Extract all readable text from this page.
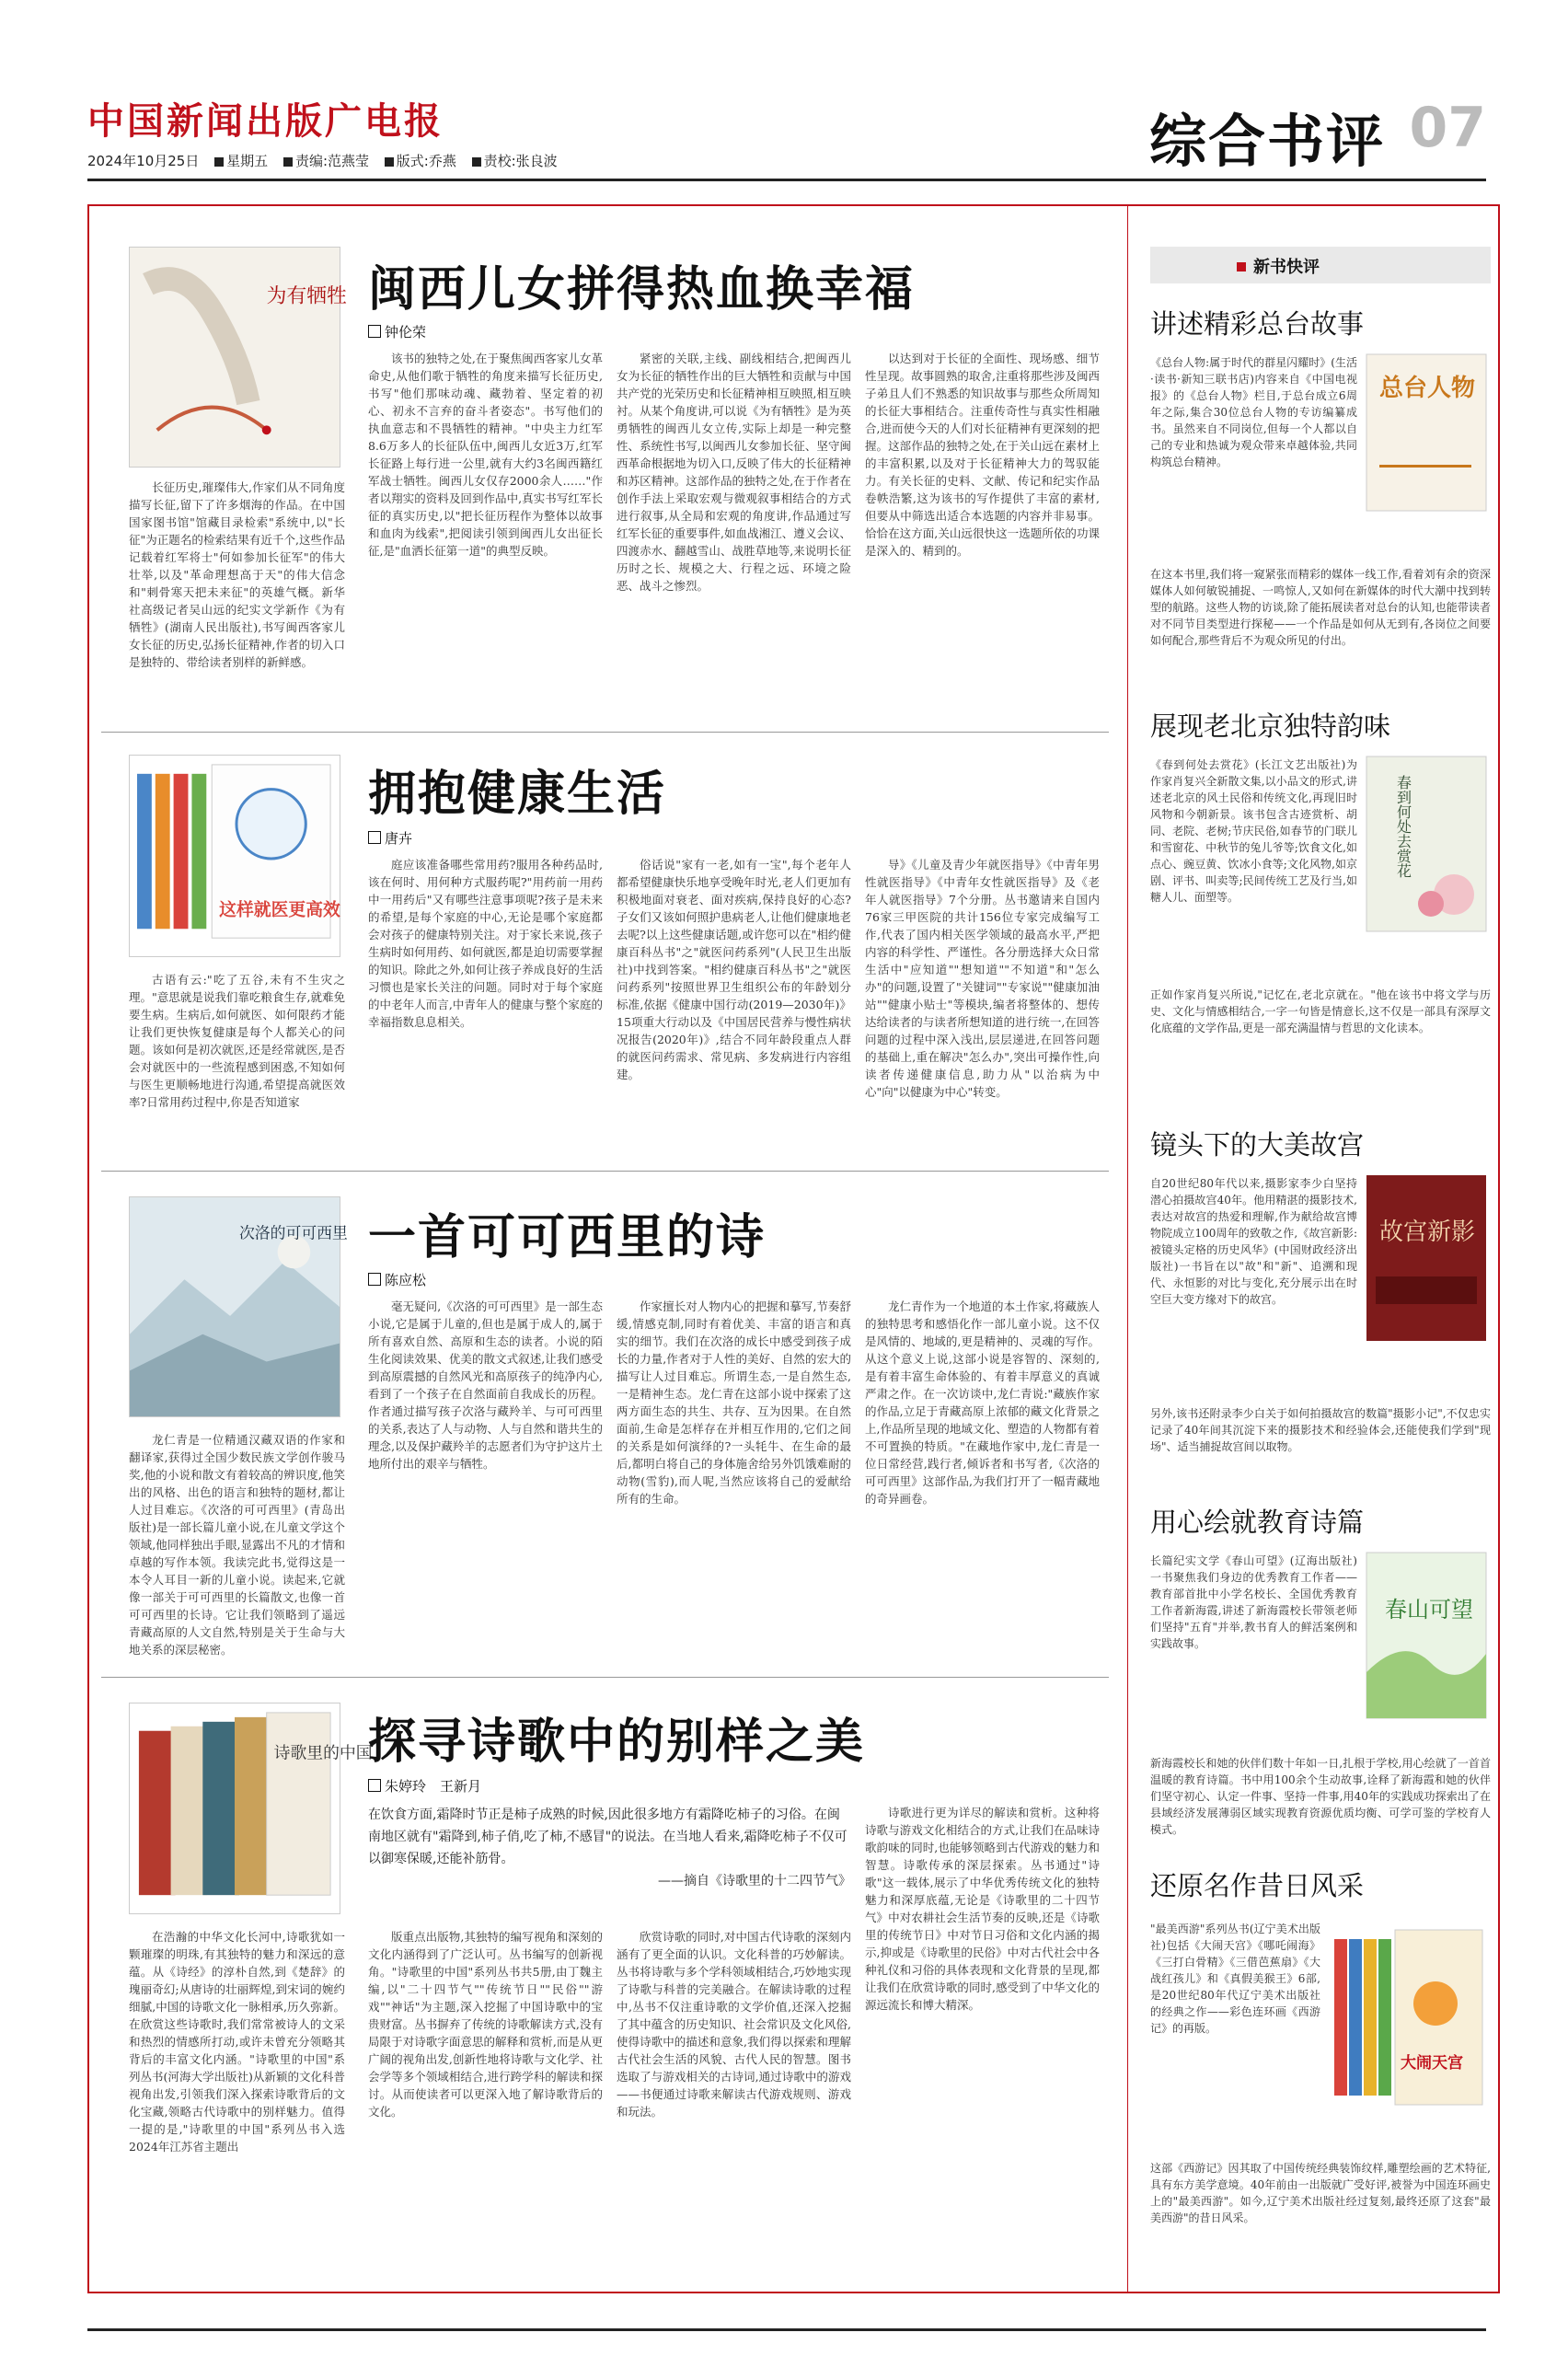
中国新闻出版广电报
2024年10月25日 星期五 责编:范燕莹 版式:乔燕 责校:张良波	综合书评 07
为有牺牲 闽西儿女拼得热血换幸福
钟伦荣

长征历史,璀璨伟大,作家们从不同角度描写长征,留下了许多烟海的作品。在中国国家图书馆"馆藏目录检索"系统中,以"长征"为正题名的检索结果有近千个,这些作品记载着红军将士"何如参加长征军"的伟大壮举,以及"革命理想高于天"的伟大信念和"刺骨寒天把未来征"的英雄气概。新华社高级记者吴山远的纪实文学新作《为有牺牲》(湖南人民出版社),书写闽西客家儿女长征的历史,弘扬长征精神,作者的切入口是独特的、带给读者别样的新鲜感。

该书的独特之处,在于聚焦闽西客家儿女革命史,从他们歌于牺牲的角度来描写长征历史,书写"他们那味动魂、藏勃着、坚定着的初心、初永不言弃的奋斗者姿态"。书写他们的执血意志和不畏牺牲的精神。"中央主力红军8.6万多人的长征队伍中,闽西儿女近3万,红军长征路上每行进一公里,就有大约3名闽西籍红军战士牺牲。闽西儿女仅存2000余人……"作者以翔实的资料及回到作品中,真实书写红军长征的真实历史,以"把长征历程作为整体以故事和血肉为线索",把阅读引领到闽西儿女出征长征,是"血洒长征第一道"的典型反映。

紧密的关联,主线、副线相结合,把闽西儿女为长征的牺牲作出的巨大牺牲和贡献与中国共产党的光荣历史和长征精神相互映照,相互映衬。从某个角度讲,可以说《为有牺牲》是为英勇牺牲的闽西儿女立传,实际上却是一种完整性、系统性书写,以闽西儿女参加长征、坚守闽西革命根据地为切入口,反映了伟大的长征精神和苏区精神。这部作品的独特之处,在于作者在创作手法上采取宏观与微观叙事相结合的方式进行叙事,从全局和宏观的角度讲,作品通过写红军长征的重要事件,如血战湘江、遵义会议、四渡赤水、翻越雪山、战胜草地等,来说明长征历时之长、规模之大、行程之远、环境之险恶、战斗之惨烈。

以达到对于长征的全面性、现场感、细节性呈现。故事圆熟的取舍,注重将那些涉及闽西子弟且人们不熟悉的知识故事与那些众所周知的长征大事相结合。注重传奇性与真实性相融合,进而使今天的人们对长征精神有更深刻的把握。这部作品的独特之处,在于关山远在素材上的丰富积累,以及对于长征精神大力的驾驭能力。有关长征的史料、文献、传记和纪实作品卷帙浩繁,这为该书的写作提供了丰富的素材,但要从中筛选出适合本选题的内容并非易事。恰恰在这方面,关山远很快这一选题所依的功课是深入的、精到的。

这样就医更高效
拥抱健康生活
唐卉

古语有云:"吃了五谷,未有不生灾之理。"意思就是说我们靠吃粮食生存,就难免要生病。生病后,如何就医、如何限药才能让我们更快恢复健康是每个人都关心的问题。该如何是初次就医,还是经常就医,是否会对就医中的一些流程感到困惑,不知如何与医生更顺畅地进行沟通,希望提高就医效率?日常用药过程中,你是否知道家

庭应该准备哪些常用药?服用各种药品时,该在何时、用何种方式服药呢?"用药前一用药中一用药后"又有哪些注意事项呢?孩子是未来的希望,是每个家庭的中心,无论是哪个家庭都会对孩子的健康特别关注。对于家长来说,孩子生病时如何用药、如何就医,都是迫切需要掌握的知识。除此之外,如何让孩子养成良好的生活习惯也是家长关注的问题。同时对于每个家庭的中老年人而言,中青年人的健康与整个家庭的幸福指数息息相关。

俗话说"家有一老,如有一宝",每个老年人都希望健康快乐地享受晚年时光,老人们更加有积极地面对衰老、面对疾病,保持良好的心态?子女们又该如何照护患病老人,让他们健康地老去呢?以上这些健康话题,或许您可以在"相约健康百科丛书"之"就医问药系列"(人民卫生出版社)中找到答案。"相约健康百科丛书"之"就医问药系列"按照世界卫生组织公布的年龄划分标准,依据《健康中国行动(2019—2030年)》15项重大行动以及《中国居民营养与慢性病状况报告(2020年)》,结合不同年龄段重点人群的就医问药需求、常见病、多发病进行内容组建。

导》《儿童及青少年就医指导》《中青年男性就医指导》《中青年女性就医指导》及《老年人就医指导》7个分册。丛书邀请来自国内76家三甲医院的共计156位专家完成编写工作,代表了国内相关医学领域的最高水平,严把内容的科学性、严谨性。各分册选择大众日常生活中"应知道""想知道""不知道"和"怎么办"的问题,设置了"关键词""专家说""健康加油站""健康小贴士"等模块,编者将整体的、想传达给读者的与读者所想知道的进行统一,在回答问题的过程中深入浅出,层层递进,在回答问题的基础上,重在解决"怎么办",突出可操作性,向读者传递健康信息,助力从"以治病为中心"向"以健康为中心"转变。

次洛的可可西里 一首可可西里的诗
陈应松

龙仁青是一位精通汉藏双语的作家和翻译家,获得过全国少数民族文学创作骏马奖,他的小说和散文有着较高的辨识度,他笑出的风格、出色的语言和独特的题材,都让人过目难忘。《次洛的可可西里》(青岛出版社)是一部长篇儿童小说,在儿童文学这个领域,他同样独出手眼,显露出不凡的才情和卓越的写作本领。我读完此书,觉得这是一本令人耳目一新的儿童小说。读起来,它就像一部关于可可西里的长篇散文,也像一首可可西里的长诗。它让我们领略到了遥远青藏高原的人文自然,特别是关于生命与大地关系的深层秘密。

毫无疑问,《次洛的可可西里》是一部生态小说,它是属于儿童的,但也是属于成人的,属于所有喜欢自然、高原和生态的读者。小说的陌生化阅读效果、优美的散文式叙述,让我们感受到高原震撼的自然风光和高原孩子的纯净内心,看到了一个孩子在自然面前自我成长的历程。作者通过描写孩子次洛与藏羚羊、与可可西里的关系,表达了人与动物、人与自然和谐共生的理念,以及保护藏羚羊的志愿者们为守护这片土地所付出的艰辛与牺牲。

作家擅长对人物内心的把握和摹写,节奏舒缓,情感克制,同时有着优美、丰富的语言和真实的细节。我们在次洛的成长中感受到孩子成长的力量,作者对于人性的美好、自然的宏大的描写让人过目难忘。所谓生态,一是自然生态,一是精神生态。龙仁青在这部小说中探索了这两方面生态的共生、共存、互为因果。在自然面前,生命是怎样存在并相互作用的,它们之间的关系是如何演绎的?一头牦牛、在生命的最后,都明白将自己的身体施舍给另外饥饿难耐的动物(雪豹),而人呢,当然应该将自己的爱献给所有的生命。

龙仁青作为一个地道的本土作家,将藏族人的独特思考和感悟化作一部儿童小说。这不仅是风情的、地域的,更是精神的、灵魂的写作。从这个意义上说,这部小说是容智的、深刻的,是有着丰富生命体验的、有着丰厚意义的真诚严肃之作。在一次访谈中,龙仁青说:"藏族作家的作品,立足于青藏高原上浓郁的藏文化背景之上,作品所呈现的地域文化、塑造的人物都有着不可置换的特质。"在藏地作家中,龙仁青是一位日常经营,践行者,倾诉者和书写者,《次洛的可可西里》这部作品,为我们打开了一幅青藏地的奇异画卷。

诗歌里的中国
探寻诗歌中的别样之美
朱婷玲　王新月

在饮食方面,霜降时节正是柿子成熟的时候,因此很多地方有霜降吃柿子的习俗。在闽南地区就有"霜降到,柿子俏,吃了柿,不感冒"的说法。在当地人看来,霜降吃柿子不仅可以御寒保暖,还能补筋骨。

——摘自《诗歌里的十二四节气》

在浩瀚的中华文化长河中,诗歌犹如一颗璀璨的明珠,有其独特的魅力和深远的意蕴。从《诗经》的淳朴自然,到《楚辞》的瑰丽奇幻;从唐诗的壮丽辉煌,到宋词的婉约细腻,中国的诗歌文化一脉相承,历久弥新。在欣赏这些诗歌时,我们常常被诗人的文采和热烈的情感所打动,或许未曾充分领略其背后的丰富文化内涵。"诗歌里的中国"系列丛书(河海大学出版社)从新颖的文化科普视角出发,引领我们深入探索诗歌背后的文化宝藏,领略古代诗歌中的别样魅力。值得一提的是,"诗歌里的中国"系列丛书入选2024年江苏省主题出

版重点出版物,其独特的编写视角和深刻的文化内涵得到了广泛认可。丛书编写的创新视角。"诗歌里的中国"系列丛书共5册,由丁魏主编,以"二十四节气""传统节日""民俗""游戏""神话"为主题,深入挖掘了中国诗歌中的宝贵财富。丛书摒弃了传统的诗歌解读方式,没有局限于对诗歌字面意思的解释和赏析,而是从更广阔的视角出发,创新性地将诗歌与文化学、社会学等多个领域相结合,进行跨学科的解读和探讨。从而使读者可以更深入地了解诗歌背后的文化。

欣赏诗歌的同时,对中国古代诗歌的深刻内涵有了更全面的认识。文化科普的巧妙解读。丛书将诗歌与多个学科领域相结合,巧妙地实现了诗歌与科普的完美融合。在解读诗歌的过程中,丛书不仅注重诗歌的文学价值,还深入挖掘了其中蕴含的历史知识、社会常识及文化风俗,使得诗歌中的描述和意象,我们得以探索和理解古代社会生活的风貌、古代人民的智慧。图书选取了与游戏相关的古诗词,通过诗歌中的游戏——书便通过诗歌来解读古代游戏规则、游戏和玩法。

诗歌进行更为详尽的解读和赏析。这种将诗歌与游戏文化相结合的方式,让我们在品味诗歌韵味的同时,也能够领略到古代游戏的魅力和智慧。诗歌传承的深层探索。丛书通过"诗歌"这一载体,展示了中华优秀传统文化的独特魅力和深厚底蕴,无论是《诗歌里的二十四节气》中对农耕社会生活节奏的反映,还是《诗歌里的传统节日》中对节日习俗和文化内涵的揭示,抑或是《诗歌里的民俗》中对古代社会中各种礼仪和习俗的具体表现和文化背景的呈现,都让我们在欣赏诗歌的同时,感受到了中华文化的源远流长和博大精深。

新书快评
讲述精彩总台故事
《总台人物:属于时代的群星闪耀时》(生活·读书·新知三联书店)内容来自《中国电视报》的《总台人物》栏目,于总台成立6周年之际,集合30位总台人物的专访编纂成书。虽然来自不同岗位,但每一个人都以自己的专业和热诚为观众带来卓越体验,共同构筑总台精神。
总台人物
在这本书里,我们将一窥紧张而精彩的媒体一线工作,看着刘有余的资深媒体人如何敏锐捕捉、一鸣惊人,又如何在新媒体的时代大潮中找到转型的航路。这些人物的访谈,除了能拓展读者对总台的认知,也能带读者对不同节目类型进行探秘——一个作品是如何从无到有,各岗位之间要如何配合,那些背后不为观众所见的付出。
展现老北京独特韵味
《春到何处去赏花》(长江文艺出版社)为作家肖复兴全新散文集,以小品文的形式,讲述老北京的风土民俗和传统文化,再现旧时风物和今朝新景。该书包含古迹赏析、胡同、老院、老树;节庆民俗,如春节的门联儿和雪窗花、中秋节的兔儿爷等;饮食文化,如点心、豌豆黄、饮冰小食等;文化风物,如京剧、评书、叫卖等;民间传统工艺及行当,如糖人儿、面塑等。
春到何处去赏花
正如作家肖复兴所说,"记忆在,老北京就在。"他在该书中将文学与历史、文化与情感相结合,一字一句皆是情意长,这不仅是一部具有深厚文化底蕴的文学作品,更是一部充满温情与哲思的文化读本。
镜头下的大美故宫
自20世纪80年代以来,摄影家李少白坚持潜心拍摄故宫40年。他用精湛的摄影技术,表达对故宫的热爱和理解,作为献给故宫博物院成立100周年的致敬之作,《故宫新影:被镜头定格的历史风华》(中国财政经济出版社)一书旨在以"故"和"新"、追溯和现代、永恒影的对比与变化,充分展示出在时空巨大变方缘对下的故宫。
故宫新影
另外,该书还附录李少白关于如何拍摄故宫的数篇"摄影小记",不仅忠实记录了40年间其沉淀下来的摄影技术和经验体会,还能使我们学到"现场"、适当捕捉故宫间以取物。
用心绘就教育诗篇
长篇纪实文学《春山可望》(辽海出版社)一书聚焦我们身边的优秀教育工作者——教育部首批中小学名校长、全国优秀教育工作者新海霞,讲述了新海霞校长带领老师们坚持"五育"并举,教书育人的鲜活案例和实践故事。
春山可望
新海霞校长和她的伙伴们数十年如一日,扎根于学校,用心绘就了一首首温暖的教育诗篇。书中用100余个生动故事,诠释了新海霞和她的伙伴们坚守初心、认定一件事、坚持一件事,用40年的实践成功探索出了在县域经济发展薄弱区域实现教育资源优质均衡、可学可鉴的学校育人模式。
还原名作昔日风采
"最美西游"系列丛书(辽宁美术出版社)包括《大闹天宫》《哪吒闹海》《三打白骨精》《三借芭蕉扇》《大战红孩儿》和《真假美猴王》6部,是20世纪80年代辽宁美术出版社的经典之作——彩色连环画《西游记》的再版。
大闹天宫
这部《西游记》因其取了中国传统经典装饰纹样,雕塑绘画的艺术特征,具有东方美学意境。40年前由一出版就广受好评,被誉为中国连环画史上的"最美西游"。如今,辽宁美术出版社经过复刻,最终还原了这套"最美西游"的昔日风采。
